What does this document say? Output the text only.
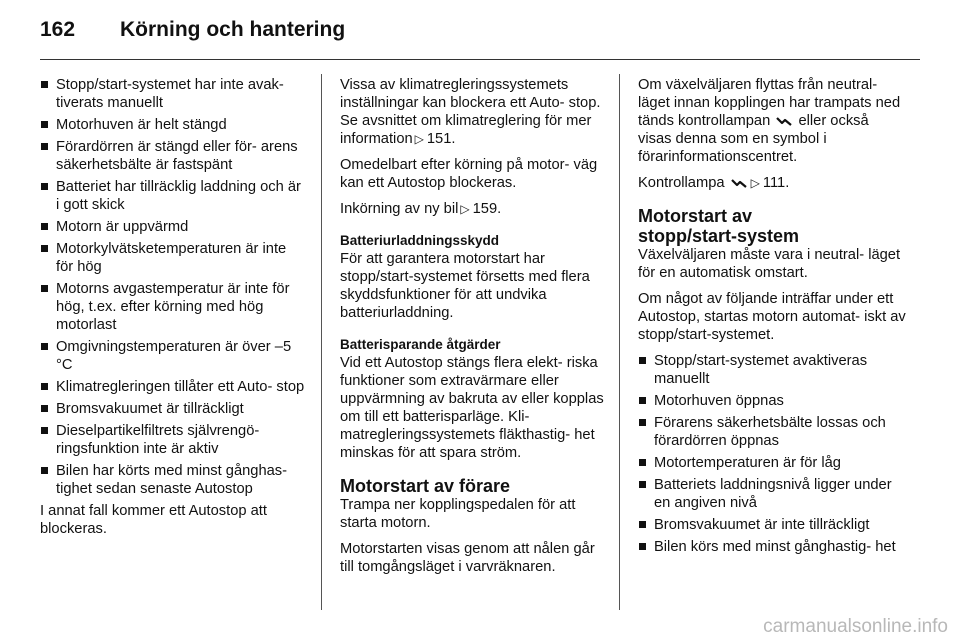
162 Körning och hantering
Stopp/start-systemet har inte avak- tiverats manuellt
Motorhuven är helt stängd
Förardörren är stängd eller för- arens säkerhetsbälte är fastspänt
Batteriet har tillräcklig laddning och är i gott skick
Motorn är uppvärmd
Motorkylvätsketemperaturen är inte för hög
Motorns avgastemperatur är inte för hög, t.ex. efter körning med hög motorlast
Omgivningstemperaturen är över –5 °C
Klimatregleringen tillåter ett Auto- stop
Bromsvakuumet är tillräckligt
Dieselpartikelfiltrets självrengö- ringsfunktion inte är aktiv
Bilen har körts med minst gånghas- tighet sedan senaste Autostop

I annat fall kommer ett Autostop att blockeras.

Vissa av klimatregleringssystemets inställningar kan blockera ett Auto- stop. Se avsnittet om klimatreglering för mer information ▷ 151.

Omedelbart efter körning på motor- väg kan ett Autostop blockeras.

Inkörning av ny bil ▷ 159.

Batteriurladdningsskydd

För att garantera motorstart har stopp/start-systemet försetts med flera skyddsfunktioner för att undvika batteriurladdning.

Batterisparande åtgärder

Vid ett Autostop stängs flera elekt- riska funktioner som extravärmare eller uppvärmning av bakruta av eller kopplas om till ett batterisparläge. Kli- matregleringssystemets fläkthastig- het minskas för att spara ström.

Motorstart av förare

Trampa ner kopplingspedalen för att starta motorn.

Motorstarten visas genom att nålen går till tomgångsläget i varvräknaren.

Om växelväljaren flyttas från neutral- läget innan kopplingen har trampats ned tänds kontrollampan eller också visas denna som en symbol i förarinformationscentret.

Kontrollampa ▷ 111.

Motorstart av
stopp/start-system

Växelväljaren måste vara i neutral- läget för en automatisk omstart.

Om något av följande inträffar under ett Autostop, startas motorn automat- iskt av stopp/start-systemet.

Stopp/start-systemet avaktiveras manuellt
Motorhuven öppnas
Förarens säkerhetsbälte lossas och förardörren öppnas
Motortemperaturen är för låg
Batteriets laddningsnivå ligger under en angiven nivå
Bromsvakuumet är inte tillräckligt
Bilen körs med minst gånghastig- het
carmanualsonline.info
